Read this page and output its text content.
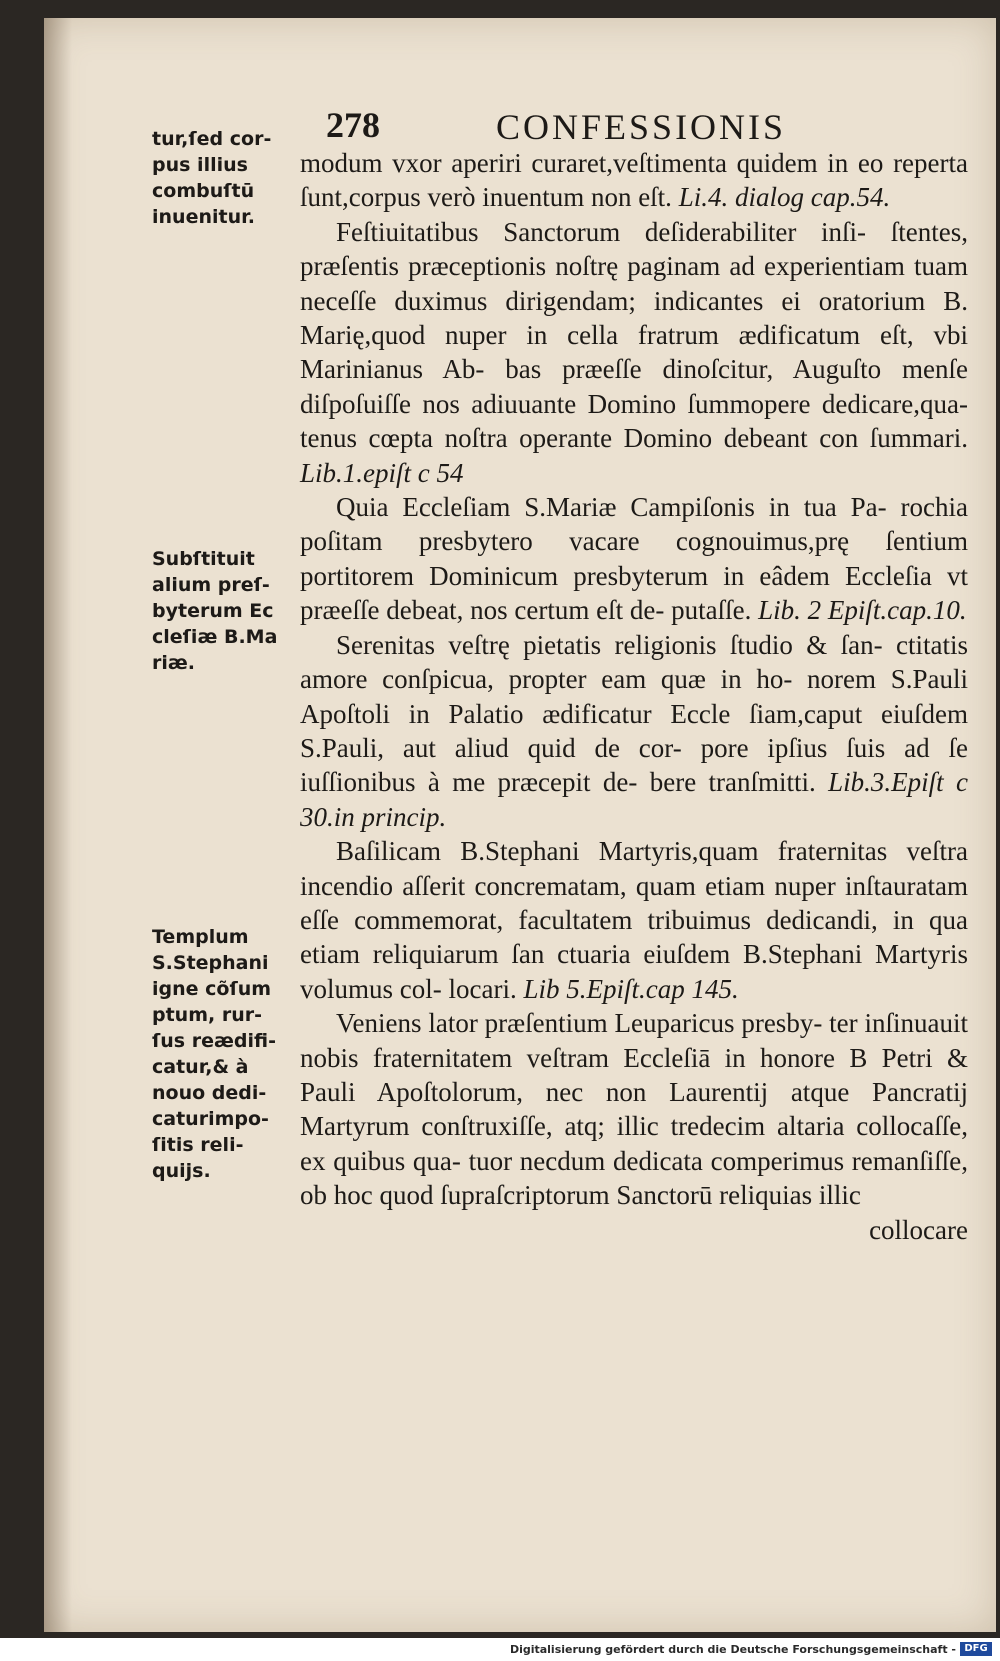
278	CONFESSIONIS
tur,ſed cor- pus illius combuſtū inuenitur.
Subſtituit alium preſ- byterum Ec cleſiæ B.Ma riæ.
Templum S.Stephani igne cõſum ptum, rur- ſus reædifi- catur,& à nouo dedi- caturimpo- ſitis reli- quijs.

modum vxor aperiri curaret,veſtimenta quidem in eo reperta ſunt,corpus verò inuentum non eſt. Li.4. dialog cap.54.

Feſtiuitatibus Sanctorum deſiderabiliter inſi- ſtentes, præſentis præceptionis noſtrę paginam ad experientiam tuam neceſſe duximus dirigendam; indicantes ei oratorium B. Marię,quod nuper in cella fratrum ædificatum eſt, vbi Marinianus Ab- bas præeſſe dinoſcitur, Auguſto menſe diſpoſuiſſe nos adiuuante Domino ſummopere dedicare,qua- tenus cœpta noſtra operante Domino debeant con ſummari. Lib.1.epiſt c 54

Quia Eccleſiam S.Mariæ Campiſonis in tua Pa- rochia poſitam presbytero vacare cognouimus,prę ſentium portitorem Dominicum presbyterum in eâdem Eccleſia vt præeſſe debeat, nos certum eſt de- putaſſe. Lib. 2 Epiſt.cap.10.

Serenitas veſtrę pietatis religionis ſtudio & ſan- ctitatis amore conſpicua, propter eam quæ in ho- norem S.Pauli Apoſtoli in Palatio ædificatur Eccle ſiam,caput eiuſdem S.Pauli, aut aliud quid de cor- pore ipſius ſuis ad ſe iuſſionibus à me præcepit de- bere tranſmitti. Lib.3.Epiſt c 30.in princip.

Baſilicam B.Stephani Martyris,quam fraternitas veſtra incendio aſſerit concrematam, quam etiam nuper inſtauratam eſſe commemorat, facultatem tribuimus dedicandi, in qua etiam reliquiarum ſan ctuaria eiuſdem B.Stephani Martyris volumus col- locari. Lib 5.Epiſt.cap 145.

Veniens lator præſentium Leuparicus presby- ter inſinuauit nobis fraternitatem veſtram Eccleſiā in honore B Petri & Pauli Apoſtolorum, nec non Laurentij atque Pancratij Martyrum conſtruxiſſe, atq; illic tredecim altaria collocaſſe, ex quibus qua- tuor necdum dedicata comperimus remanſiſſe, ob hoc quod ſupraſcriptorum Sanctorū reliquias illic

collocare

Digitalisierung gefördert durch die Deutsche Forschungsgemeinschaft - DFG
